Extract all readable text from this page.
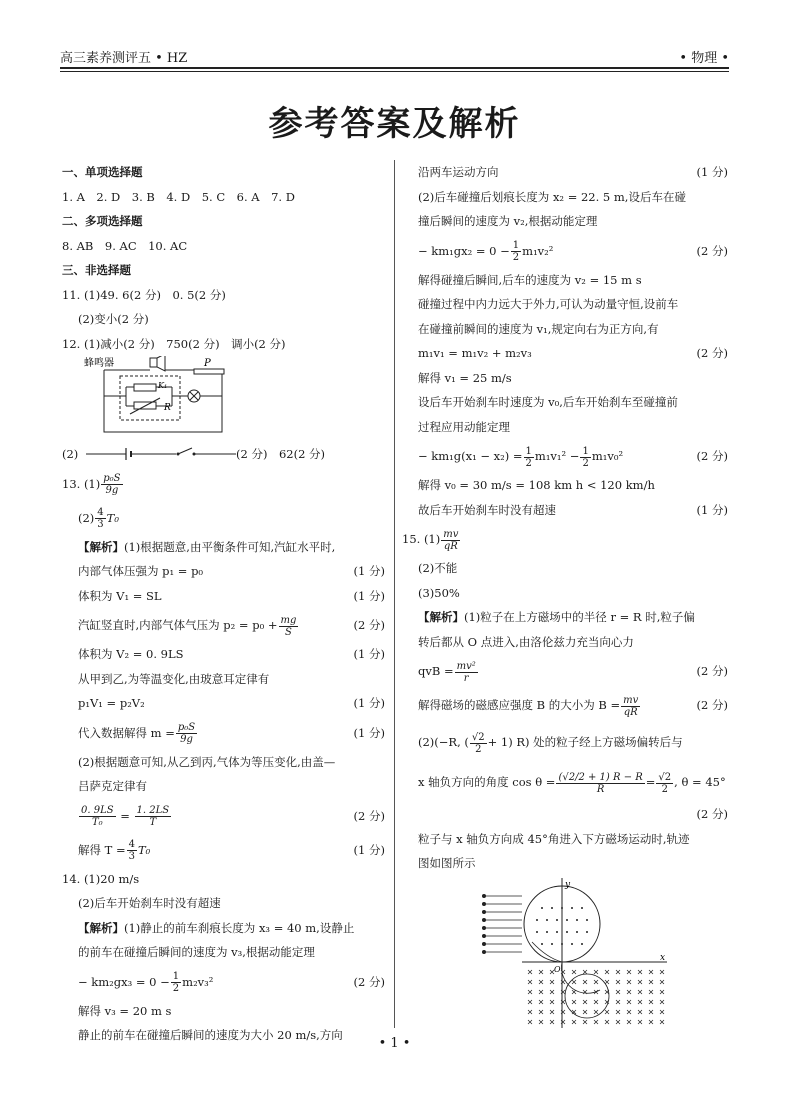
高三素养测评五 • HZ	• 物理 •
参考答案及解析
一、单项选择题
1. A　2. D　3. B　4. D　5. C　6. A　7. D
二、多项选择题
8. AB　9. AC　10. AC
三、非选择题
11. (1)49. 6(2 分)　0. 5(2 分)
(2)变小(2 分)
12. (1)减小(2 分)　750(2 分)　调小(2 分)
蜂鸣器	P
K₁
R
(2)	(2 分)　62(2 分)
13. $(1) \frac{\text{p₀S}}{9g}$
$(2) \frac{4}{3} T_0$
【解析】(1)根据题意,由平衡条件可知,汽缸水平时,
内部气体压强为 p₁ = p₀	(1 分)
体积为 V₁ = SL	(1 分)
汽缸竖直时,内部气体气压为 $p_2 = p_0 + \frac{mg}{S}$	(2 分)
体积为 V₂ = 0. 9LS	(1 分)
从甲到乙,为等温变化,由玻意耳定律有
p₁V₁ = p₂V₂	(1 分)
代入数据解得 $m = \frac{\text{p₀S}}{9g}$	(1 分)
(2)根据题意可知,从乙到丙,气体为等压变化,由盖—
吕萨克定律有
$\frac{0. 9LS}{\text{T₀}} = \frac{1. 2LS}{T}$	(2 分)
解得 $T = \frac{4}{3} T_0$	(1 分)
14. (1)20 m/s
(2)后车开始刹车时没有超速
【解析】(1)静止的前车刹痕长度为 x₃ = 40 m,设静止
的前车在碰撞后瞬间的速度为 v₃,根据动能定理
− $km_2gx_3 = 0 - \frac{1}{2} m_2v_3^2$	(2 分)
解得 v₃ = 20 m s
静止的前车在碰撞后瞬间的速度为大小 20 m/s,方向
沿两车运动方向	(1 分)
(2)后车碰撞后划痕长度为 x₂ = 22. 5 m,设后车在碰
撞后瞬间的速度为 v₂,根据动能定理
− $km_1gx_2 = 0 - \frac{1}{2} m_1v_2^2$	(2 分)
解得碰撞后瞬间,后车的速度为 v₂ = 15 m s
碰撞过程中内力远大于外力,可认为动量守恒,设前车
在碰撞前瞬间的速度为 v₁,规定向右为正方向,有
m₁v₁ = m₁v₂ + m₂v₃	(2 分)
解得 v₁ = 25 m/s
设后车开始刹车时速度为 v₀,后车开始刹车至碰撞前
过程应用动能定理
− $km_1g(x_1 - x_2) = \frac{1}{2} m_1v_1^2 - \frac{1}{2} m_1v_0^2$	(2 分)
解得 v₀ = 30 m/s = 108 km h < 120 km/h
故后车开始刹车时没有超速	(1 分)
15. $(1) \frac{mv}{qR}$
(2)不能
(3)50%
【解析】(1)粒子在上方磁场中的半径 r = R 时,粒子偏
转后都从 O 点进入,由洛伦兹力充当向心力
qvB = $\frac{\text{mv²}}{r}$	(2 分)
解得磁场的磁感应强度 B 的大小为 $B = \frac{mv}{qR}$	(2 分)
(2)(−R, ( $\frac{√2}{2} + 1$) R) 处的粒子经上方磁场偏转后与
x 轴负方向的角度 $\cos \theta = \frac{(√2/2 + 1) R - R}{R} = \frac{√2}{2}$ , θ = 45°
(2 分)
粒子与 x 轴负方向成 45°角进入下方磁场运动时,轨迹
图如图所示
y
x
O
• 1 •
